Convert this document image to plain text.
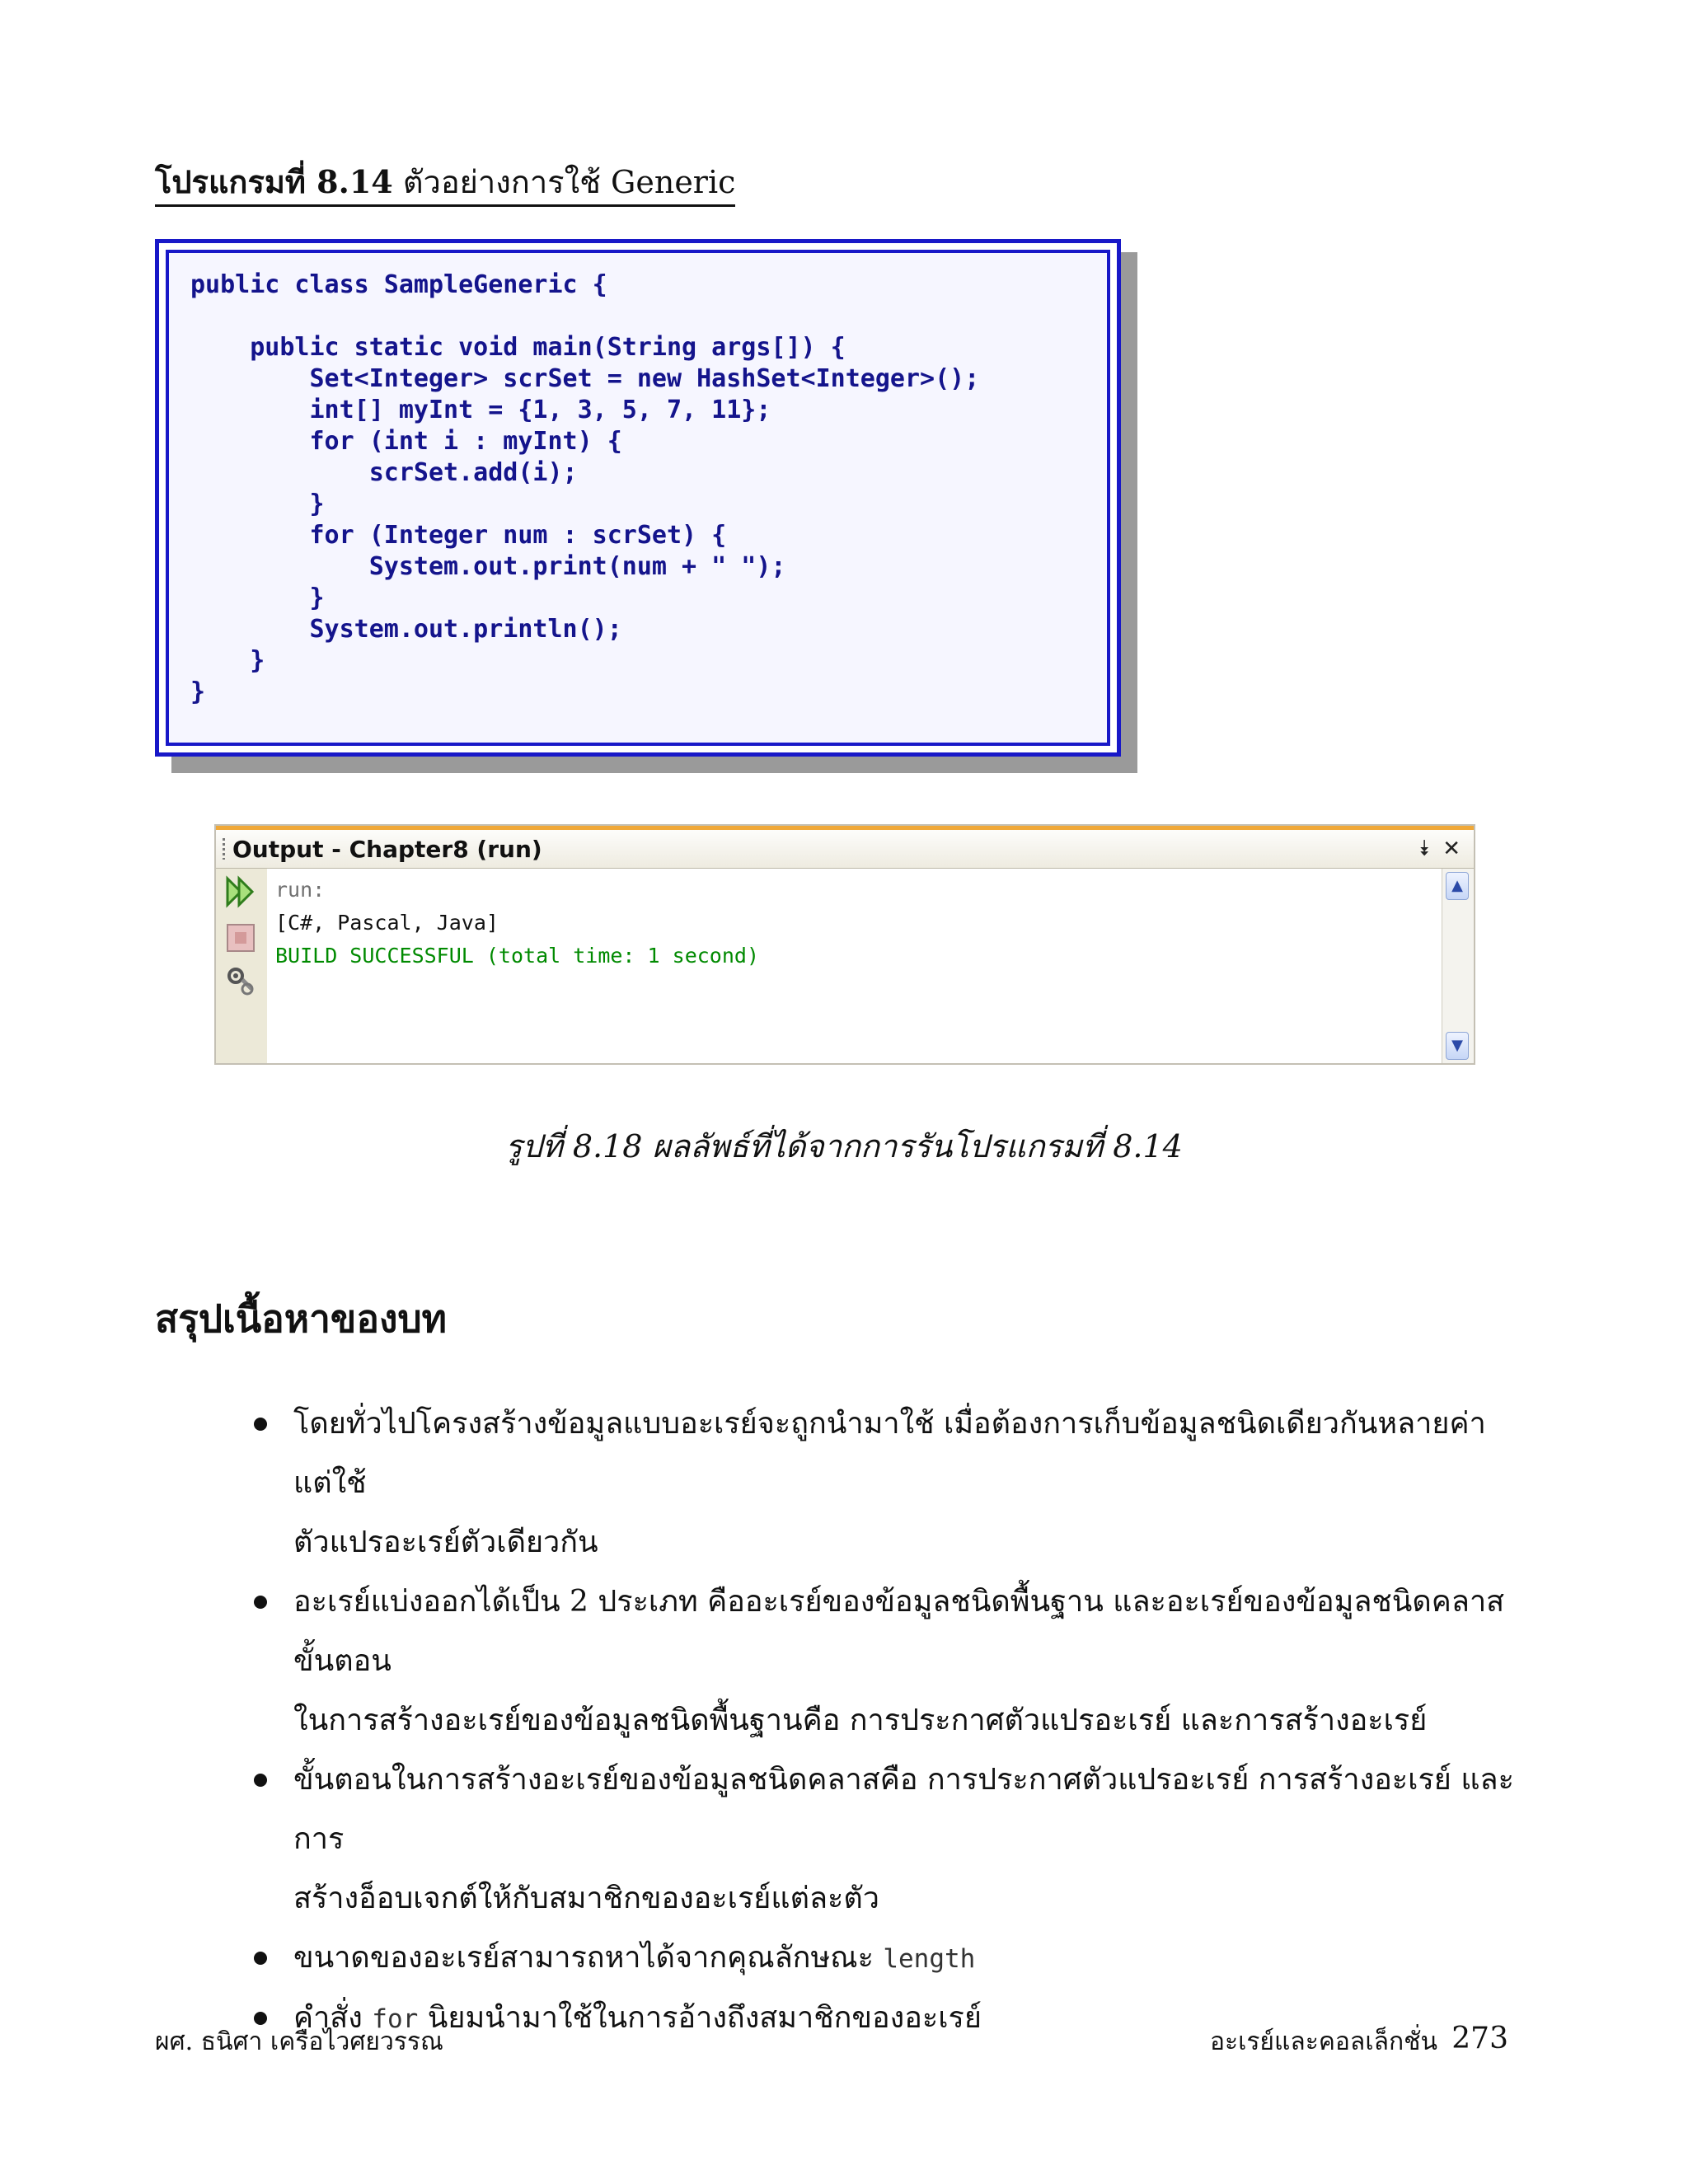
โปรแกรมที่ 8.14 ตัวอย่างการใช้ Generic
public class SampleGeneric {

public static void main(String args[]) {
Set<Integer> scrSet = new HashSet<Integer>();
int[] myInt = {1, 3, 5, 7, 11};
for (int i : myInt) {
scrSet.add(i);
}
for (Integer num : scrSet) {
System.out.print(num + " ");
}
System.out.println();
}
}
Output - Chapter8 (run)	⯯ ✕
run:
[C#, Pascal, Java]
BUILD SUCCESSFUL (total time: 1 second)
▲
▼
รูปที่ 8.18 ผลลัพธ์ที่ได้จากการรันโปรแกรมที่ 8.14
สรุปเนื้อหาของบท
โดยทั่วไปโครงสร้างข้อมูลแบบอะเรย์จะถูกนำมาใช้ เมื่อต้องการเก็บข้อมูลชนิดเดียวกันหลายค่า แต่ใช้
ตัวแปรอะเรย์ตัวเดียวกัน
อะเรย์แบ่งออกได้เป็น 2 ประเภท คืออะเรย์ของข้อมูลชนิดพื้นฐาน และอะเรย์ของข้อมูลชนิดคลาสขั้นตอน
ในการสร้างอะเรย์ของข้อมูลชนิดพื้นฐานคือ การประกาศตัวแปรอะเรย์ และการสร้างอะเรย์
ขั้นตอนในการสร้างอะเรย์ของข้อมูลชนิดคลาสคือ การประกาศตัวแปรอะเรย์ การสร้างอะเรย์ และการ
สร้างอ็อบเจกต์ให้กับสมาชิกของอะเรย์แต่ละตัว
ขนาดของอะเรย์สามารถหาได้จากคุณลักษณะ length
คำสั่ง for นิยมนำมาใช้ในการอ้างถึงสมาชิกของอะเรย์
ผศ. ธนิศา เครือไวศยวรรณ	อะเรย์และคอลเล็กชั่น 273
